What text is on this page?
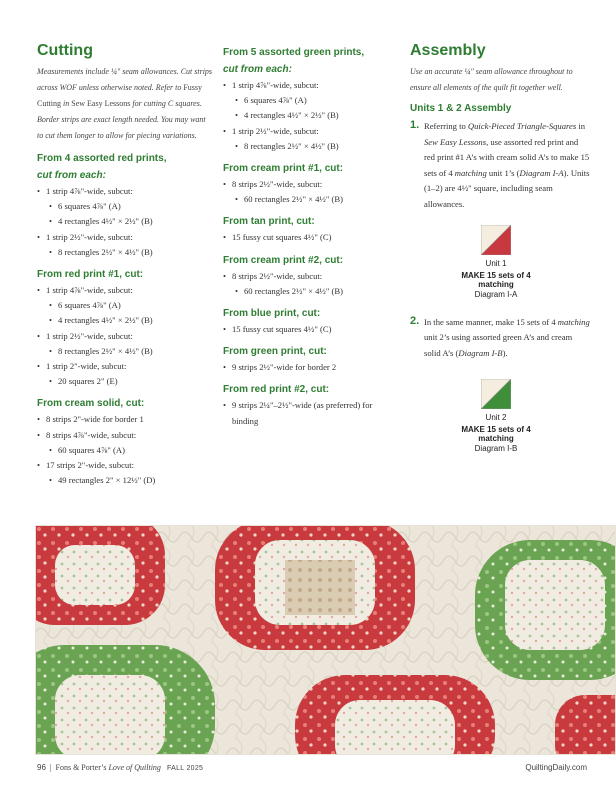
Cutting

Measurements include ¼" seam allowances. Cut strips across WOF unless otherwise noted. Refer to Fussy Cutting in Sew Easy Lessons for cutting C squares. Border strips are exact length needed. You may want to cut them longer to allow for piecing variations.

From 4 assorted red prints,
cut from each:
• 1 strip 4⅞"-wide, subcut:
• 6 squares 4⅞" (A)
• 4 rectangles 4½" × 2½" (B)
• 1 strip 2½"-wide, subcut:
• 8 rectangles 2½" × 4½" (B)
From red print #1, cut:
• 1 strip 4⅞"-wide, subcut:
• 6 squares 4⅞" (A)
• 4 rectangles 4½" × 2½" (B)
• 1 strip 2½"-wide, subcut:
• 8 rectangles 2½" × 4½" (B)
• 1 strip 2"-wide, subcut:
• 20 squares 2" (E)
From cream solid, cut:
• 8 strips 2"-wide for border 1
• 8 strips 4⅞"-wide, subcut:
• 60 squares 4⅞" (A)
• 17 strips 2"-wide, subcut:
• 49 rectangles 2" × 12½" (D)
From 5 assorted green prints,
cut from each:
• 1 strip 4⅞"-wide, subcut:
• 6 squares 4⅞" (A)
• 4 rectangles 4½" × 2½" (B)
• 1 strip 2½"-wide, subcut:
• 8 rectangles 2½" × 4½" (B)
From cream print #1, cut:
• 8 strips 2½"-wide, subcut:
• 60 rectangles 2½" × 4½" (B)
From tan print, cut:
• 15 fussy cut squares 4½" (C)
From cream print #2, cut:
• 8 strips 2½"-wide, subcut:
• 60 rectangles 2½" × 4½" (B)
From blue print, cut:
• 15 fussy cut squares 4½" (C)
From green print, cut:
• 9 strips 2½"-wide for border 2
From red print #2, cut:
• 9 strips 2¼"–2½"-wide (as preferred) for binding
Assembly

Use an accurate ¼" seam allowance throughout to ensure all elements of the quilt fit together well.

Units 1 & 2 Assembly
1. Referring to Quick-Pieced Triangle-Squares in Sew Easy Lessons, use assorted red print and red print #1 A’s with cream solid A’s to make 15 sets of 4 matching unit 1’s (Diagram I-A). Units (1–2) are 4½" square, including seam allowances.
Unit 1
MAKE 15 sets of 4 matching
Diagram I-A
2. In the same manner, make 15 sets of 4 matching unit 2’s using assorted green A’s and cream solid A’s (Diagram I-B).
Unit 2
MAKE 15 sets of 4 matching
Diagram I-B
96 | Fons & Porter’s Love of Quilting FALL 2025	QuiltingDaily.com
